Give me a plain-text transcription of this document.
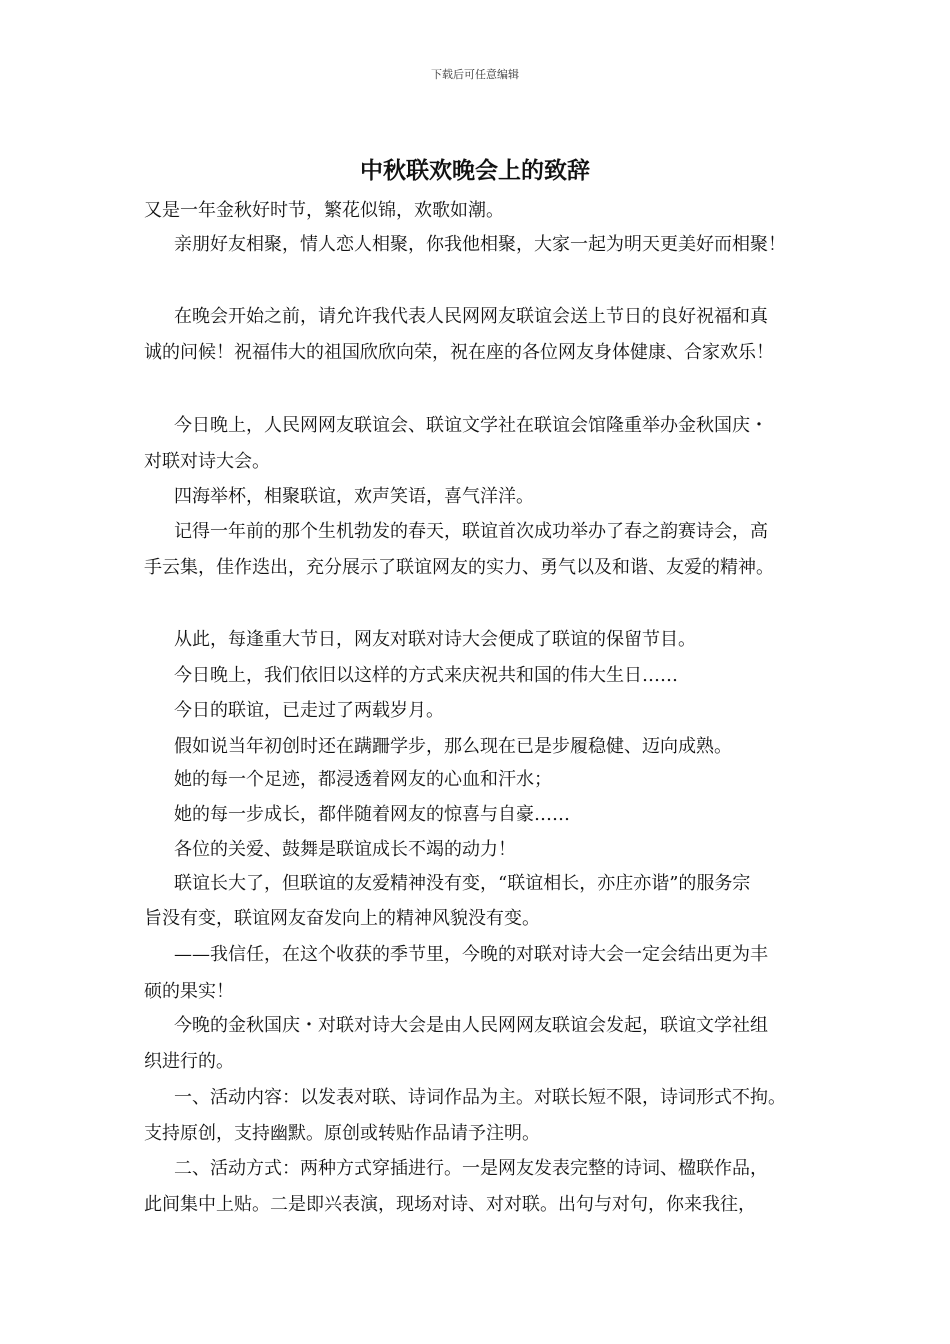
下载后可任意编辑
中秋联欢晚会上的致辞
又是一年金秋好时节，繁花似锦，欢歌如潮。
亲朋好友相聚，情人恋人相聚，你我他相聚，大家一起为明天更美好而相聚！
在晚会开始之前，请允许我代表人民网网友联谊会送上节日的良好祝福和真
诚的问候！祝福伟大的祖国欣欣向荣，祝在座的各位网友身体健康、合家欢乐！
今日晚上，人民网网友联谊会、联谊文学社在联谊会馆隆重举办金秋国庆・
对联对诗大会。
四海举杯，相聚联谊，欢声笑语，喜气洋洋。
记得一年前的那个生机勃发的春天，联谊首次成功举办了春之韵赛诗会，高
手云集，佳作迭出，充分展示了联谊网友的实力、勇气以及和谐、友爱的精神。
从此，每逢重大节日，网友对联对诗大会便成了联谊的保留节目。
今日晚上，我们依旧以这样的方式来庆祝共和国的伟大生日……
今日的联谊，已走过了两载岁月。
假如说当年初创时还在蹒跚学步，那么现在已是步履稳健、迈向成熟。
她的每一个足迹，都浸透着网友的心血和汗水；
她的每一步成长，都伴随着网友的惊喜与自豪……
各位的关爱、鼓舞是联谊成长不竭的动力！
联谊长大了，但联谊的友爱精神没有变，“联谊相长，亦庄亦谐”的服务宗
旨没有变，联谊网友奋发向上的精神风貌没有变。
——我信任，在这个收获的季节里，今晚的对联对诗大会一定会结出更为丰
硕的果实！
今晚的金秋国庆・对联对诗大会是由人民网网友联谊会发起，联谊文学社组
织进行的。
一、活动内容：以发表对联、诗词作品为主。对联长短不限，诗词形式不拘。
支持原创，支持幽默。原创或转贴作品请予注明。
二、活动方式：两种方式穿插进行。一是网友发表完整的诗词、楹联作品，
此间集中上贴。二是即兴表演，现场对诗、对对联。出句与对句，你来我往，
